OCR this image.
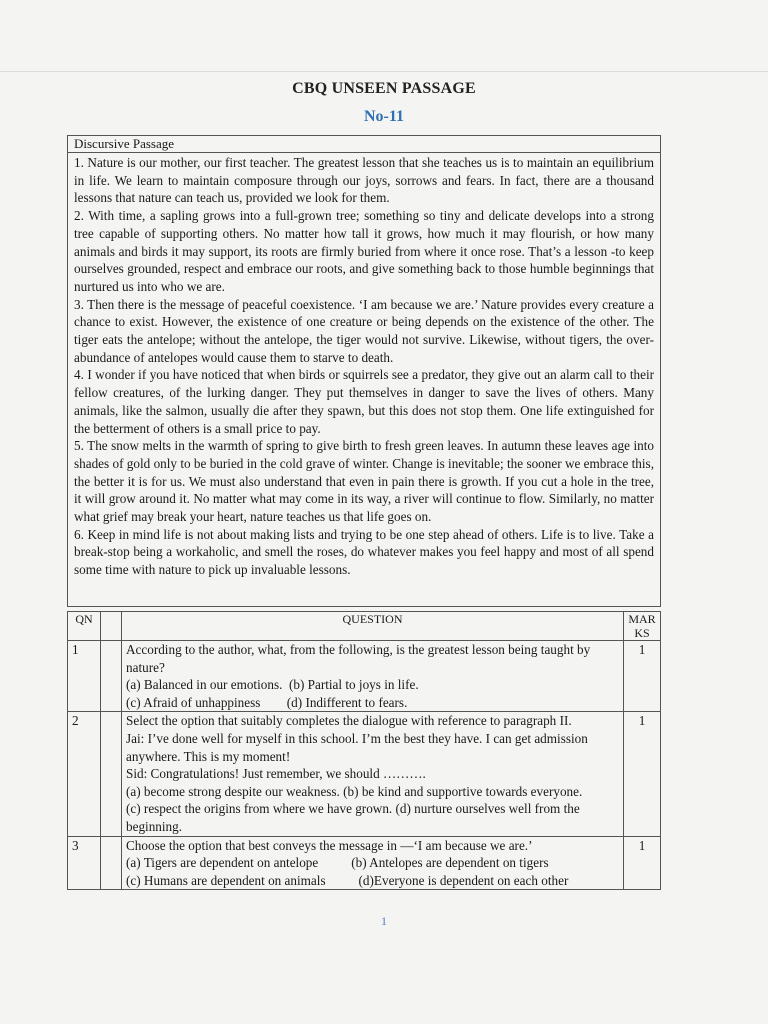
CBQ UNSEEN PASSAGE
No-11
Discursive Passage

1. Nature is our mother, our first teacher. The greatest lesson that she teaches us is to maintain an equilibrium in life. We learn to maintain composure through our joys, sorrows and fears. In fact, there are a thousand lessons that nature can teach us, provided we look for them.

2. With time, a sapling grows into a full-grown tree; something so tiny and delicate develops into a strong tree capable of supporting others. No matter how tall it grows, how much it may flourish, or how many animals and birds it may support, its roots are firmly buried from where it once rose. That’s a lesson -to keep ourselves grounded, respect and embrace our roots, and give something back to those humble beginnings that nurtured us into who we are.

3. Then there is the message of peaceful coexistence. ‘I am because we are.’ Nature provides every creature a chance to exist. However, the existence of one creature or being depends on the existence of the other. The tiger eats the antelope; without the antelope, the tiger would not survive. Likewise, without tigers, the over-abundance of antelopes would cause them to starve to death.

4. I wonder if you have noticed that when birds or squirrels see a predator, they give out an alarm call to their fellow creatures, of the lurking danger. They put themselves in danger to save the lives of others. Many animals, like the salmon, usually die after they spawn, but this does not stop them. One life extinguished for the betterment of others is a small price to pay.

5. The snow melts in the warmth of spring to give birth to fresh green leaves. In autumn these leaves age into shades of gold only to be buried in the cold grave of winter. Change is inevitable; the sooner we embrace this, the better it is for us. We must also understand that even in pain there is growth. If you cut a hole in the tree, it will grow around it. No matter what may come in its way, a river will continue to flow. Similarly, no matter what grief may break your heart, nature teaches us that life goes on.

6. Keep in mind life is not about making lists and trying to be one step ahead of others. Life is to live. Take a break-stop being a workaholic, and smell the roses, do whatever makes you feel happy and most of all spend some time with nature to pick up invaluable lessons.

QN		QUESTION	MAR
KS

1		According to the author, what, from the following, is the greatest lesson being taught by nature?
(a) Balanced in our emotions.  (b) Partial to joys in life.
(c) Afraid of unhappiness        (d) Indifferent to fears.	1
2		Select the option that suitably completes the dialogue with reference to paragraph II.
Jai: I’ve done well for myself in this school. I’m the best they have. I can get admission anywhere. This is my moment!
Sid: Congratulations! Just remember, we should ……….
(a) become strong despite our weakness. (b) be kind and supportive towards everyone.
(c) respect the origins from where we have grown. (d) nurture ourselves well from the beginning.	1
3		Choose the option that best conveys the message in —‘I am because we are.’
(a) Tigers are dependent on antelope          (b) Antelopes are dependent on tigers
(c) Humans are dependent on animals          (d)Everyone is dependent on each other	1
1
